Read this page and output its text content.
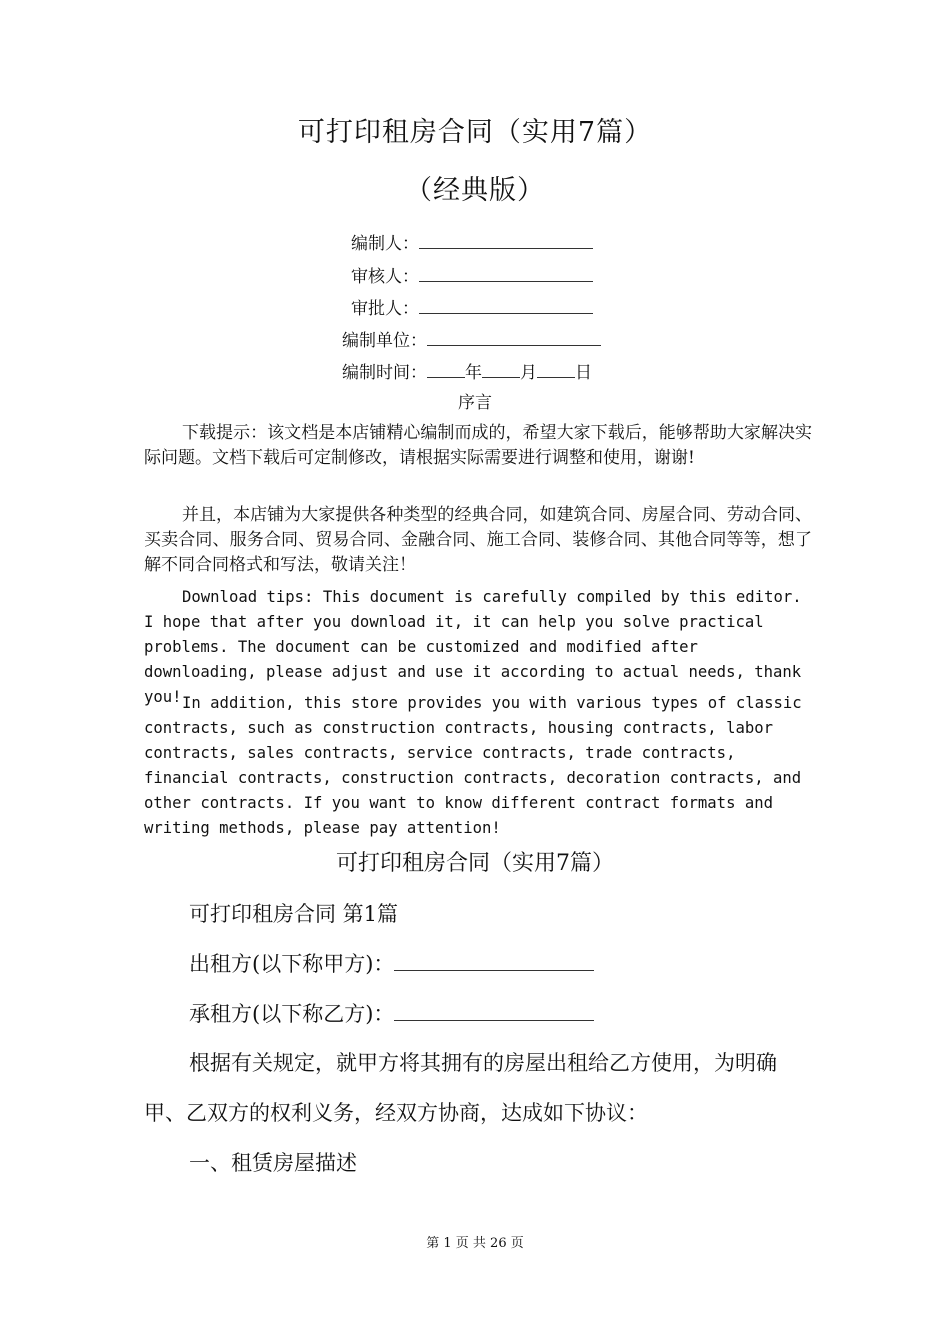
可打印租房合同（实用7篇）
（经典版）
编制人：
审核人：
审批人：
编制单位：
编制时间： 年 月 日
序言
下载提示：该文档是本店铺精心编制而成的，希望大家下载后，能够帮助大家解决实际问题。文档下载后可定制修改，请根据实际需要进行调整和使用，谢谢!
并且，本店铺为大家提供各种类型的经典合同，如建筑合同、房屋合同、劳动合同、买卖合同、服务合同、贸易合同、金融合同、施工合同、装修合同、其他合同等等，想了解不同合同格式和写法，敬请关注！
Download tips: This document is carefully compiled by this editor. I hope that after you download it, it can help you solve practical problems. The document can be customized and modified after downloading, please adjust and use it according to actual needs, thank you! In addition, this store provides you with various types of classic contracts, such as construction contracts, housing contracts, labor contracts, sales contracts, service contracts, trade contracts, financial contracts, construction contracts, decoration contracts, and other contracts. If you want to know different contract formats and writing methods, please pay attention!
可打印租房合同（实用7篇）
可打印租房合同 第1篇
出租方(以下称甲方)：
承租方(以下称乙方)：
根据有关规定，就甲方将其拥有的房屋出租给乙方使用，为明确
甲、乙双方的权利义务，经双方协商，达成如下协议：
一、租赁房屋描述
第 1 页 共 26 页
